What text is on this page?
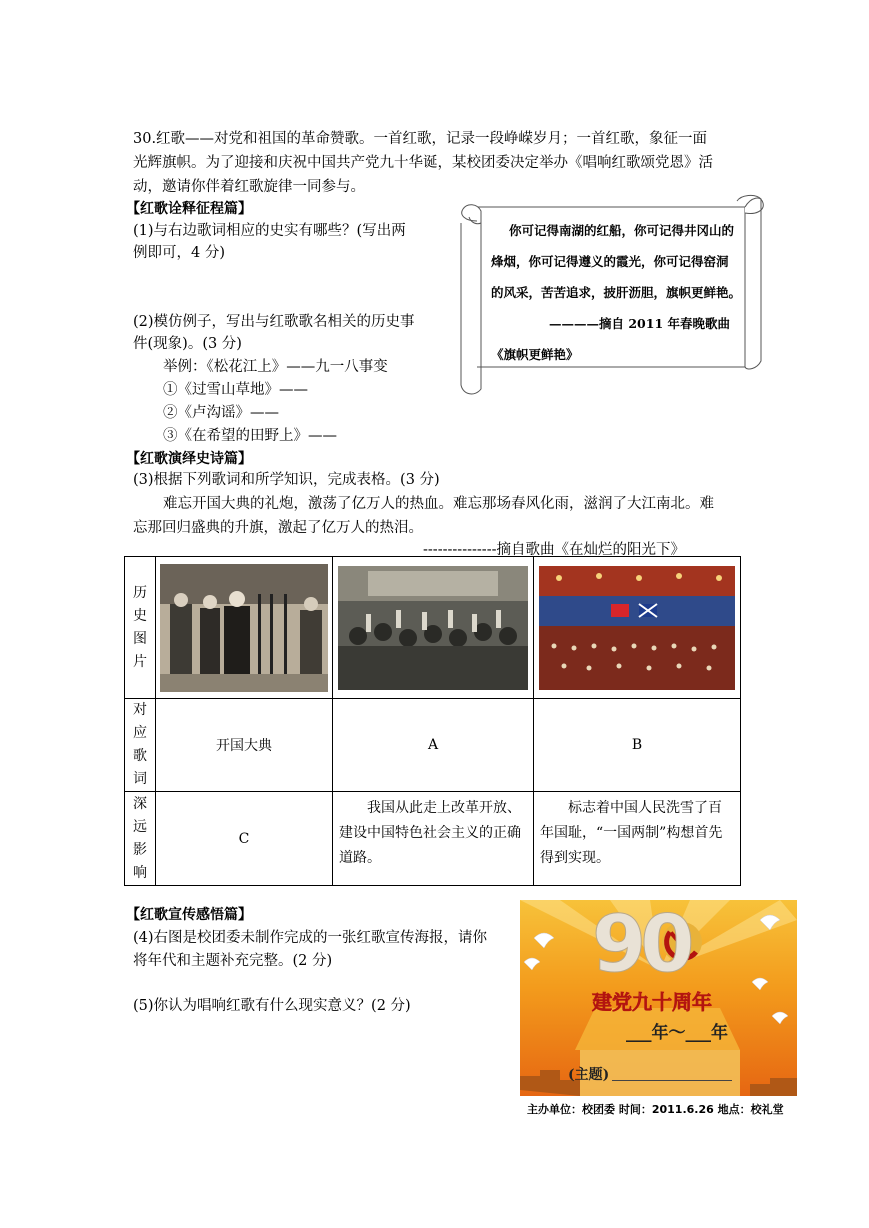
30.红歌——对党和祖国的革命赞歌。一首红歌，记录一段峥嵘岁月；一首红歌，象征一面
光辉旗帜。为了迎接和庆祝中国共产党九十华诞，某校团委决定举办《唱响红歌颂党恩》活
动，邀请你伴着红歌旋律一同参与。
【红歌诠释征程篇】
(1)与右边歌词相应的史实有哪些？(写出两
例即可，4 分)
(2)模仿例子，写出与红歌歌名相关的历史事
件(现象)。(3 分)
举例：《松花江上》——九一八事变
①《过雪山草地》——
②《卢沟谣》——
③《在希望的田野上》——
你可记得南湖的红船，你可记得井冈山的
烽烟，你可记得遵义的霞光，你可记得窑洞
的风采，苦苦追求，披肝沥胆，旗帜更鲜艳。
————摘自 2011 年春晚歌曲
《旗帜更鲜艳》
【红歌演绎史诗篇】
(3)根据下列歌词和所学知识，完成表格。(3 分)
难忘开国大典的礼炮，激荡了亿万人的热血。难忘那场春风化雨，滋润了大江南北。难
忘那回归盛典的升旗，激起了亿万人的热泪。
---------------摘自歌曲《在灿烂的阳光下》
历
史
图
片

对
应
歌
词	开国大典	A	B

深
远
影
响	C	我国从此走上改革开放、建设中国特色社会主义的正确道路。	标志着中国人民洗雪了百年国耻，“一国两制”构想首先得到实现。
【红歌宣传感悟篇】
(4)右图是校团委未制作完成的一张红歌宣传海报，请你
将年代和主题补充完整。(2 分)
(5)你认为唱响红歌有什么现实意义？(2 分)
90
建党九十周年
___年～___年
(主题)
主办单位：校团委 时间：2011.6.26 地点：校礼堂
